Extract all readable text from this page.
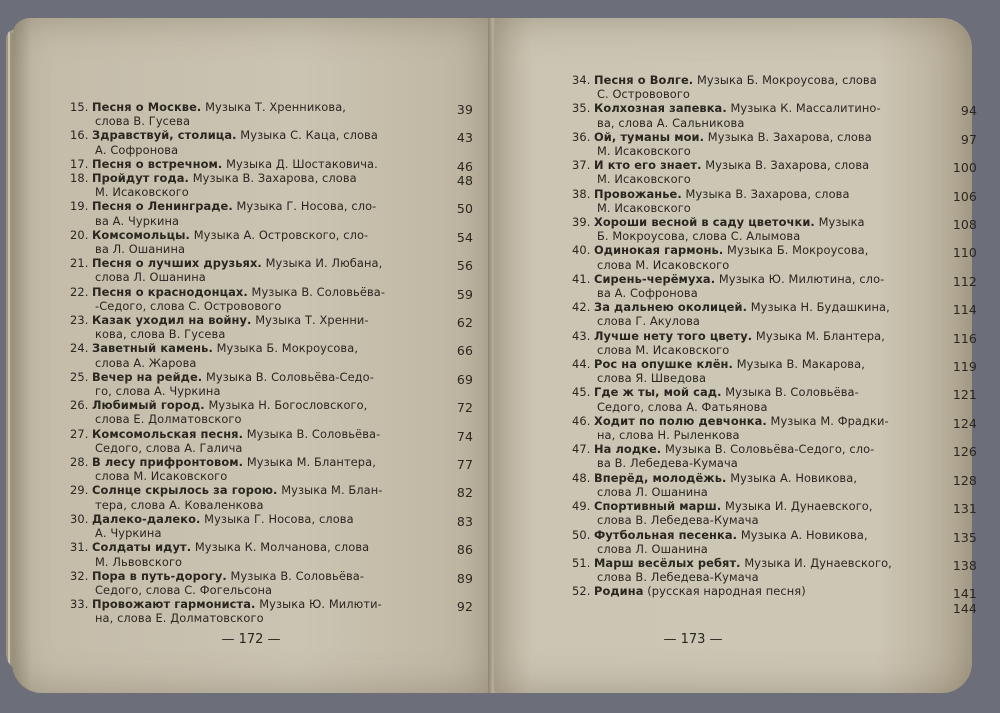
15. Песня о Москве. Музыка Т. Хренникова,
слова В. Гусева
39
16. Здравствуй, столица. Музыка С. Каца, слова
А. Софронова
43
17. Песня о встречном. Музыка Д. Шостаковича.	46
18. Пройдут года. Музыка В. Захарова, слова
М. Исаковского
48
19. Песня о Ленинграде. Музыка Г. Носова, сло-
ва А. Чуркина
50
20. Комсомольцы. Музыка А. Островского, сло-
ва Л. Ошанина
54
21. Песня о лучших друзьях. Музыка И. Любана,
слова Л. Ошанина
56
22. Песня о краснодонцах. Музыка В. Соловьёва-
-Седого, слова С. Островового
59
23. Казак уходил на войну. Музыка Т. Хренни-
кова, слова В. Гусева
62
24. Заветный камень. Музыка Б. Мокроусова,
слова А. Жарова
66
25. Вечер на рейде. Музыка В. Соловьёва-Седо-
го, слова А. Чуркина
69
26. Любимый город. Музыка Н. Богословского,
слова Е. Долматовского
72
27. Комсомольская песня. Музыка В. Соловьёва-
Седого, слова А. Галича
74
28. В лесу прифронтовом. Музыка М. Блантера,
слова М. Исаковского
77
29. Солнце скрылось за горою. Музыка М. Блан-
тера, слова А. Коваленкова
82
30. Далеко-далеко. Музыка Г. Носова, слова
А. Чуркина
83
31. Солдаты идут. Музыка К. Молчанова, слова
М. Львовского
86
32. Пора в путь-дорогу. Музыка В. Соловьёва-
Седого, слова С. Фогельсона
89
33. Провожают гармониста. Музыка Ю. Милюти-
на, слова Е. Долматовского
92
— 172 —
34. Песня о Волге. Музыка Б. Мокроусова, слова
С. Островового
35. Колхозная запевка. Музыка К. Массалитино-
ва, слова А. Сальникова
94
36. Ой, туманы мои. Музыка В. Захарова, слова
М. Исаковского
97
37. И кто его знает. Музыка В. Захарова, слова
М. Исаковского
100
38. Провожанье. Музыка В. Захарова, слова
М. Исаковского
106
39. Хороши весной в саду цветочки. Музыка
Б. Мокроусова, слова С. Алымова
108
40. Одинокая гармонь. Музыка Б. Мокроусова,
слова М. Исаковского
110
41. Сирень-черёмуха. Музыка Ю. Милютина, сло-
ва А. Софронова
112
42. За дальнею околицей. Музыка Н. Будашкина,
слова Г. Акулова
114
43. Лучше нету того цвету. Музыка М. Блантера,
слова М. Исаковского
116
44. Рос на опушке клён. Музыка В. Макарова,
слова Я. Шведова
119
45. Где ж ты, мой сад. Музыка В. Соловьёва-
Седого, слова А. Фатьянова
121
46. Ходит по полю девчонка. Музыка М. Фрадки-
на, слова Н. Рыленкова
124
47. На лодке. Музыка В. Соловьёва-Седого, сло-
ва В. Лебедева-Кумача
126
48. Вперёд, молодёжь. Музыка А. Новикова,
слова Л. Ошанина
128
49. Спортивный марш. Музыка И. Дунаевского,
слова В. Лебедева-Кумача
131
50. Футбольная песенка. Музыка А. Новикова,
слова Л. Ошанина
135
51. Марш весёлых ребят. Музыка И. Дунаевского,
слова В. Лебедева-Кумача
138
52. Родина (русская народная песня)	141 144
— 173 —
